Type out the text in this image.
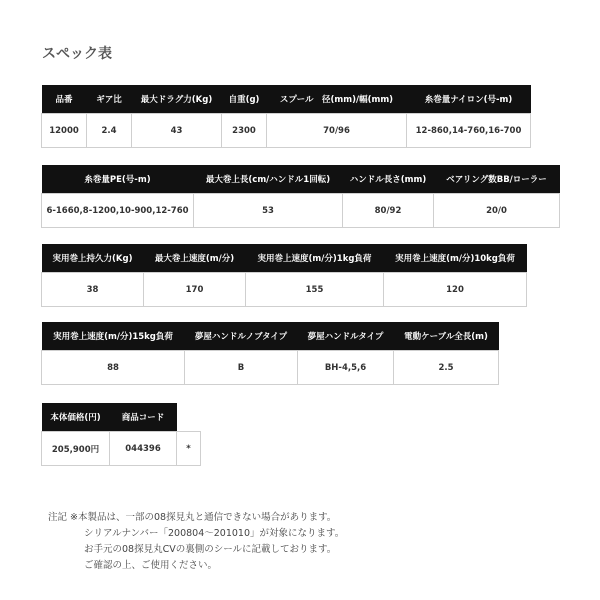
スペック表
品番	ギア比	最大ドラグ力(Kg)	自重(g)	スプール　径(mm)/幅(mm)	糸巻量ナイロン(号-m)
12000	2.4	43	2300	70/96	12-860,14-760,16-700
糸巻量PE(号-m)	最大巻上長(cm/ハンドル1回転)	ハンドル長さ(mm)	ベアリング数BB/ローラー
6-1660,8-1200,10-900,12-760	53	80/92	20/0
実用巻上持久力(Kg)	最大巻上速度(m/分)	実用巻上速度(m/分)1kg負荷	実用巻上速度(m/分)10kg負荷
38	170	155	120
実用巻上速度(m/分)15kg負荷	夢屋ハンドルノブタイプ	夢屋ハンドルタイプ	電動ケーブル全長(m)
88	B	BH-4,5,6	2.5
本体価格(円)	商品コード	
205,900円	044396	*
注記 ※本製品は、一部の08探見丸と通信できない場合があります。
シリアルナンバー「200804～201010」が対象になります。
お手元の08探見丸CVの裏側のシールに記載しております。
ご確認の上、ご使用ください。
